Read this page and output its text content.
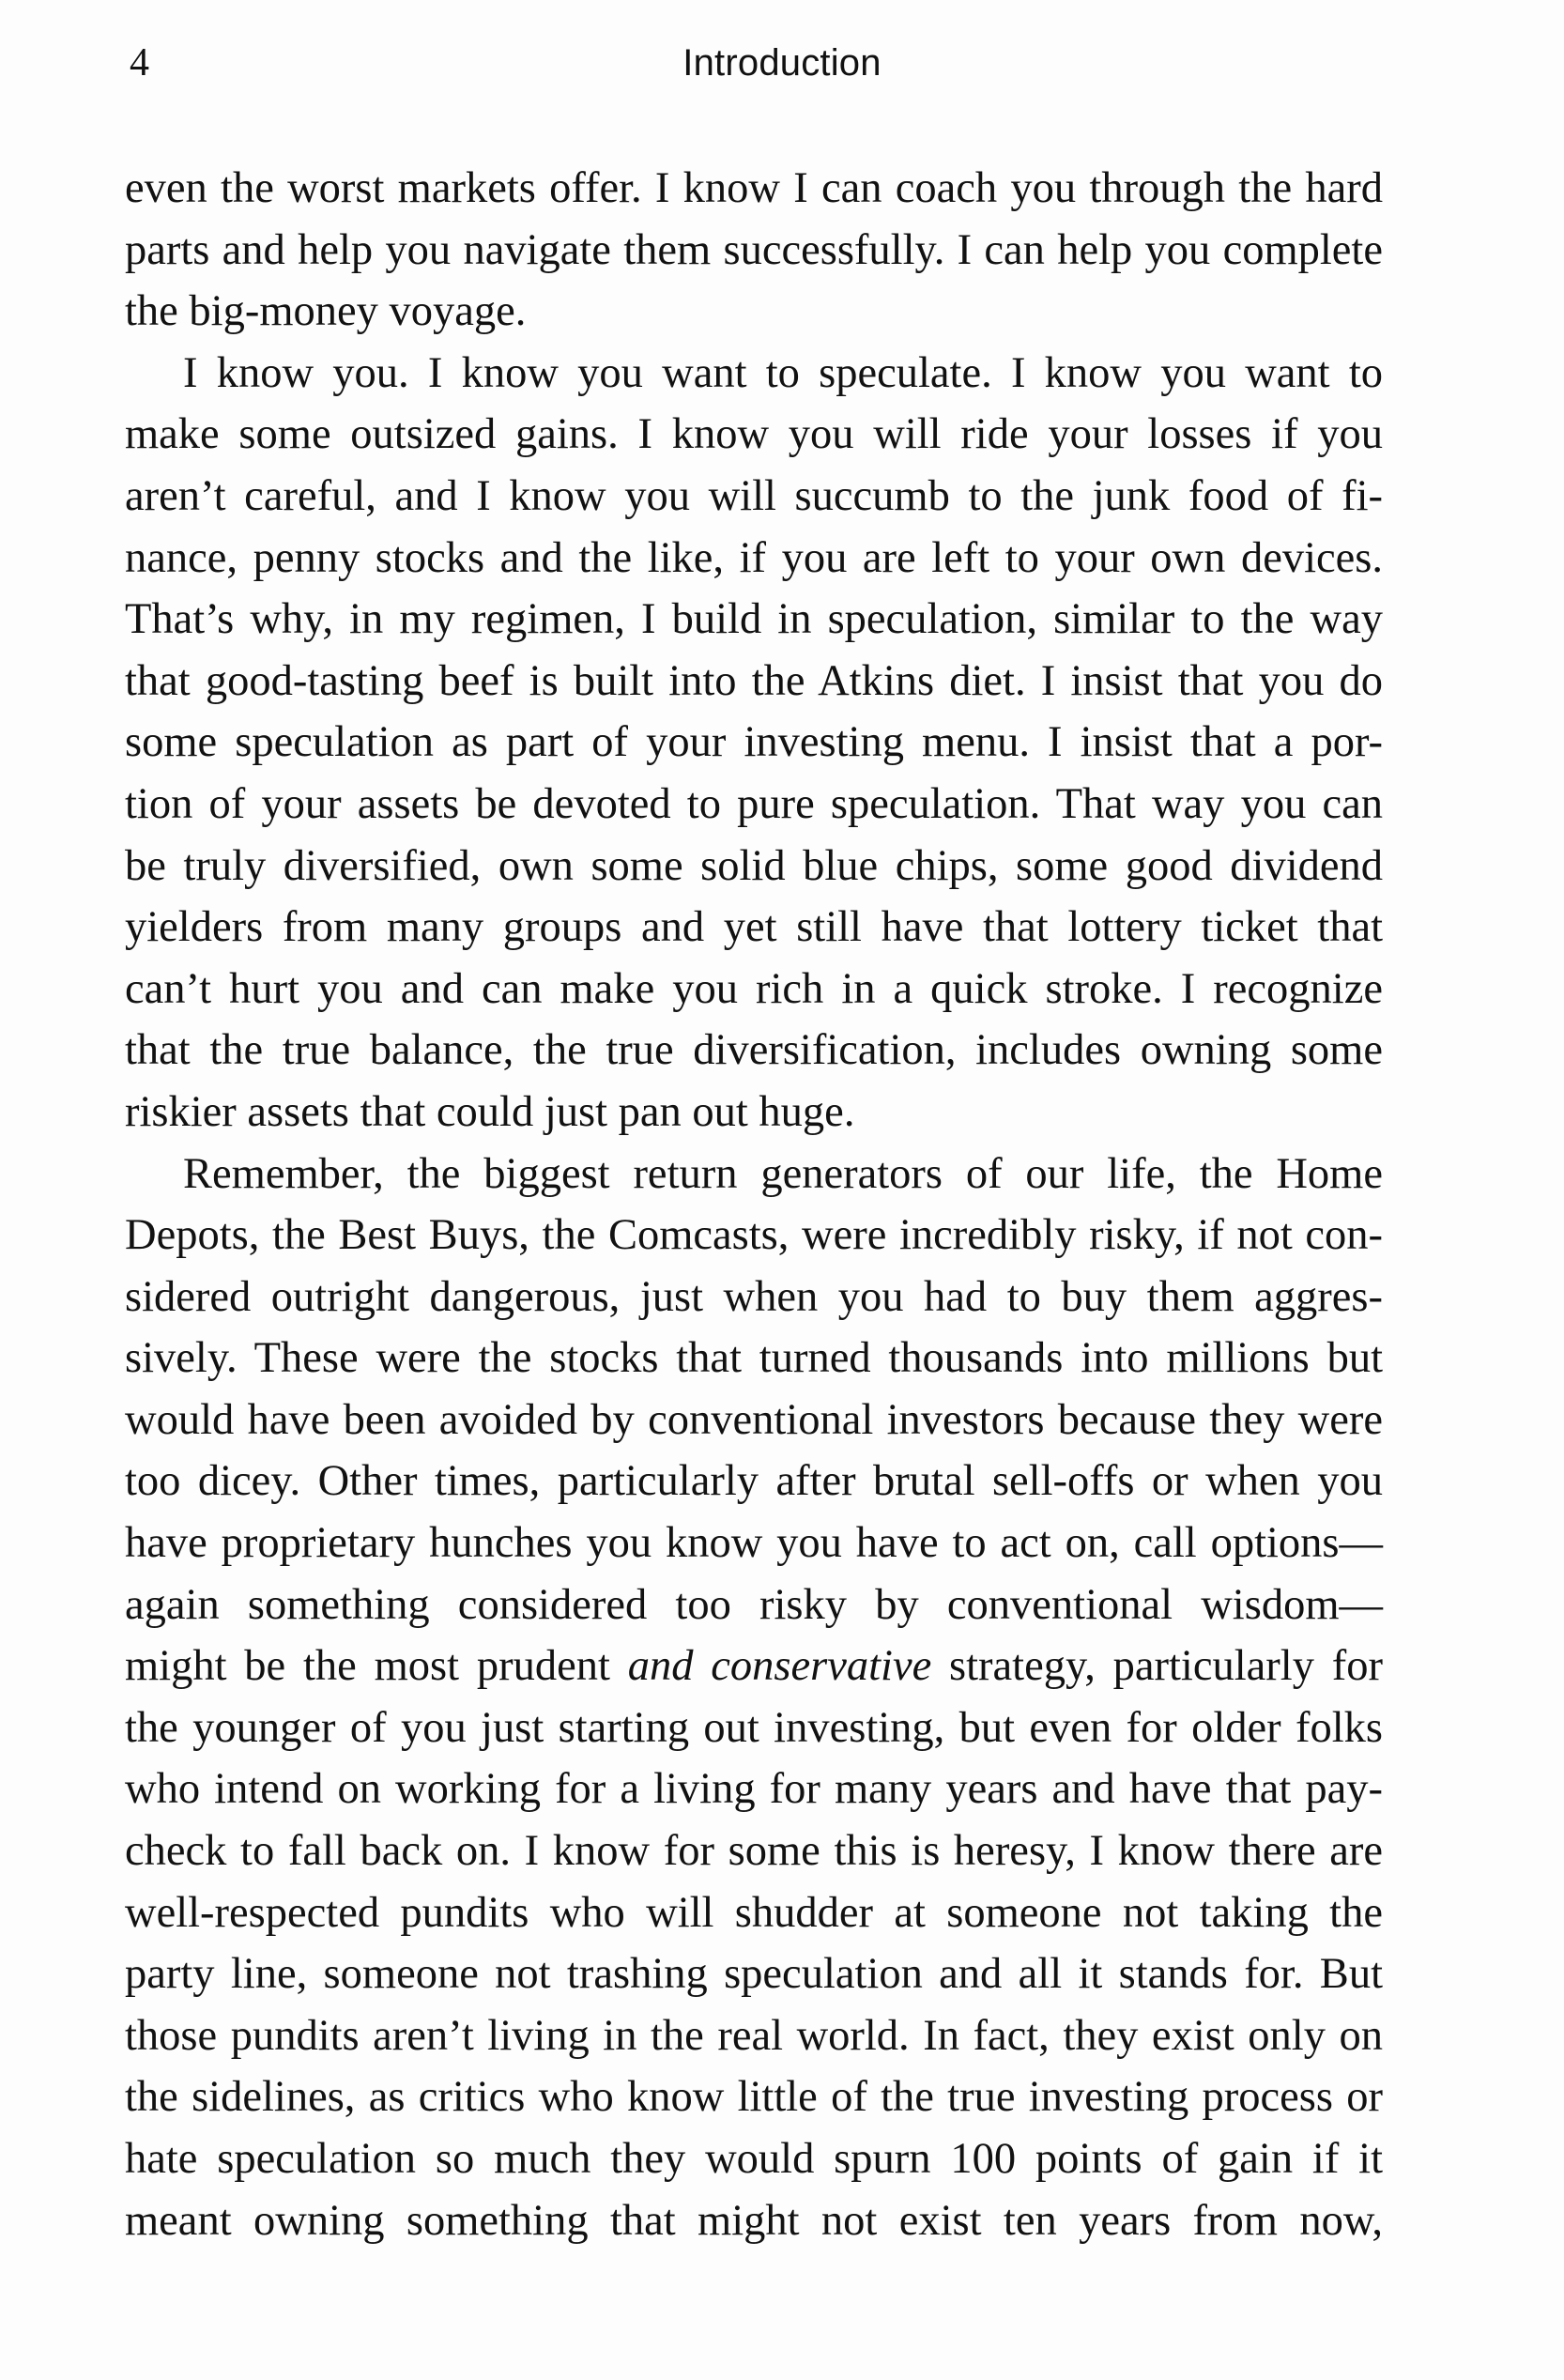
4	Introduction
even the worst markets offer. I know I can coach you through the hard
parts and help you navigate them successfully. I can help you complete
the big-money voyage.
I know you. I know you want to speculate. I know you want to
make some outsized gains. I know you will ride your losses if you
aren’t careful, and I know you will succumb to the junk food of fi-
nance, penny stocks and the like, if you are left to your own devices.
That’s why, in my regimen, I build in speculation, similar to the way
that good-tasting beef is built into the Atkins diet. I insist that you do
some speculation as part of your investing menu. I insist that a por-
tion of your assets be devoted to pure speculation. That way you can
be truly diversified, own some solid blue chips, some good dividend
yielders from many groups and yet still have that lottery ticket that
can’t hurt you and can make you rich in a quick stroke. I recognize
that the true balance, the true diversification, includes owning some
riskier assets that could just pan out huge.
Remember, the biggest return generators of our life, the Home
Depots, the Best Buys, the Comcasts, were incredibly risky, if not con-
sidered outright dangerous, just when you had to buy them aggres-
sively. These were the stocks that turned thousands into millions but
would have been avoided by conventional investors because they were
too dicey. Other times, particularly after brutal sell-offs or when you
have proprietary hunches you know you have to act on, call options—
again something considered too risky by conventional wisdom—
might be the most prudent and conservative strategy, particularly for
the younger of you just starting out investing, but even for older folks
who intend on working for a living for many years and have that pay-
check to fall back on. I know for some this is heresy, I know there are
well-respected pundits who will shudder at someone not taking the
party line, someone not trashing speculation and all it stands for. But
those pundits aren’t living in the real world. In fact, they exist only on
the sidelines, as critics who know little of the true investing process or
hate speculation so much they would spurn 100 points of gain if it
meant owning something that might not exist ten years from now,
